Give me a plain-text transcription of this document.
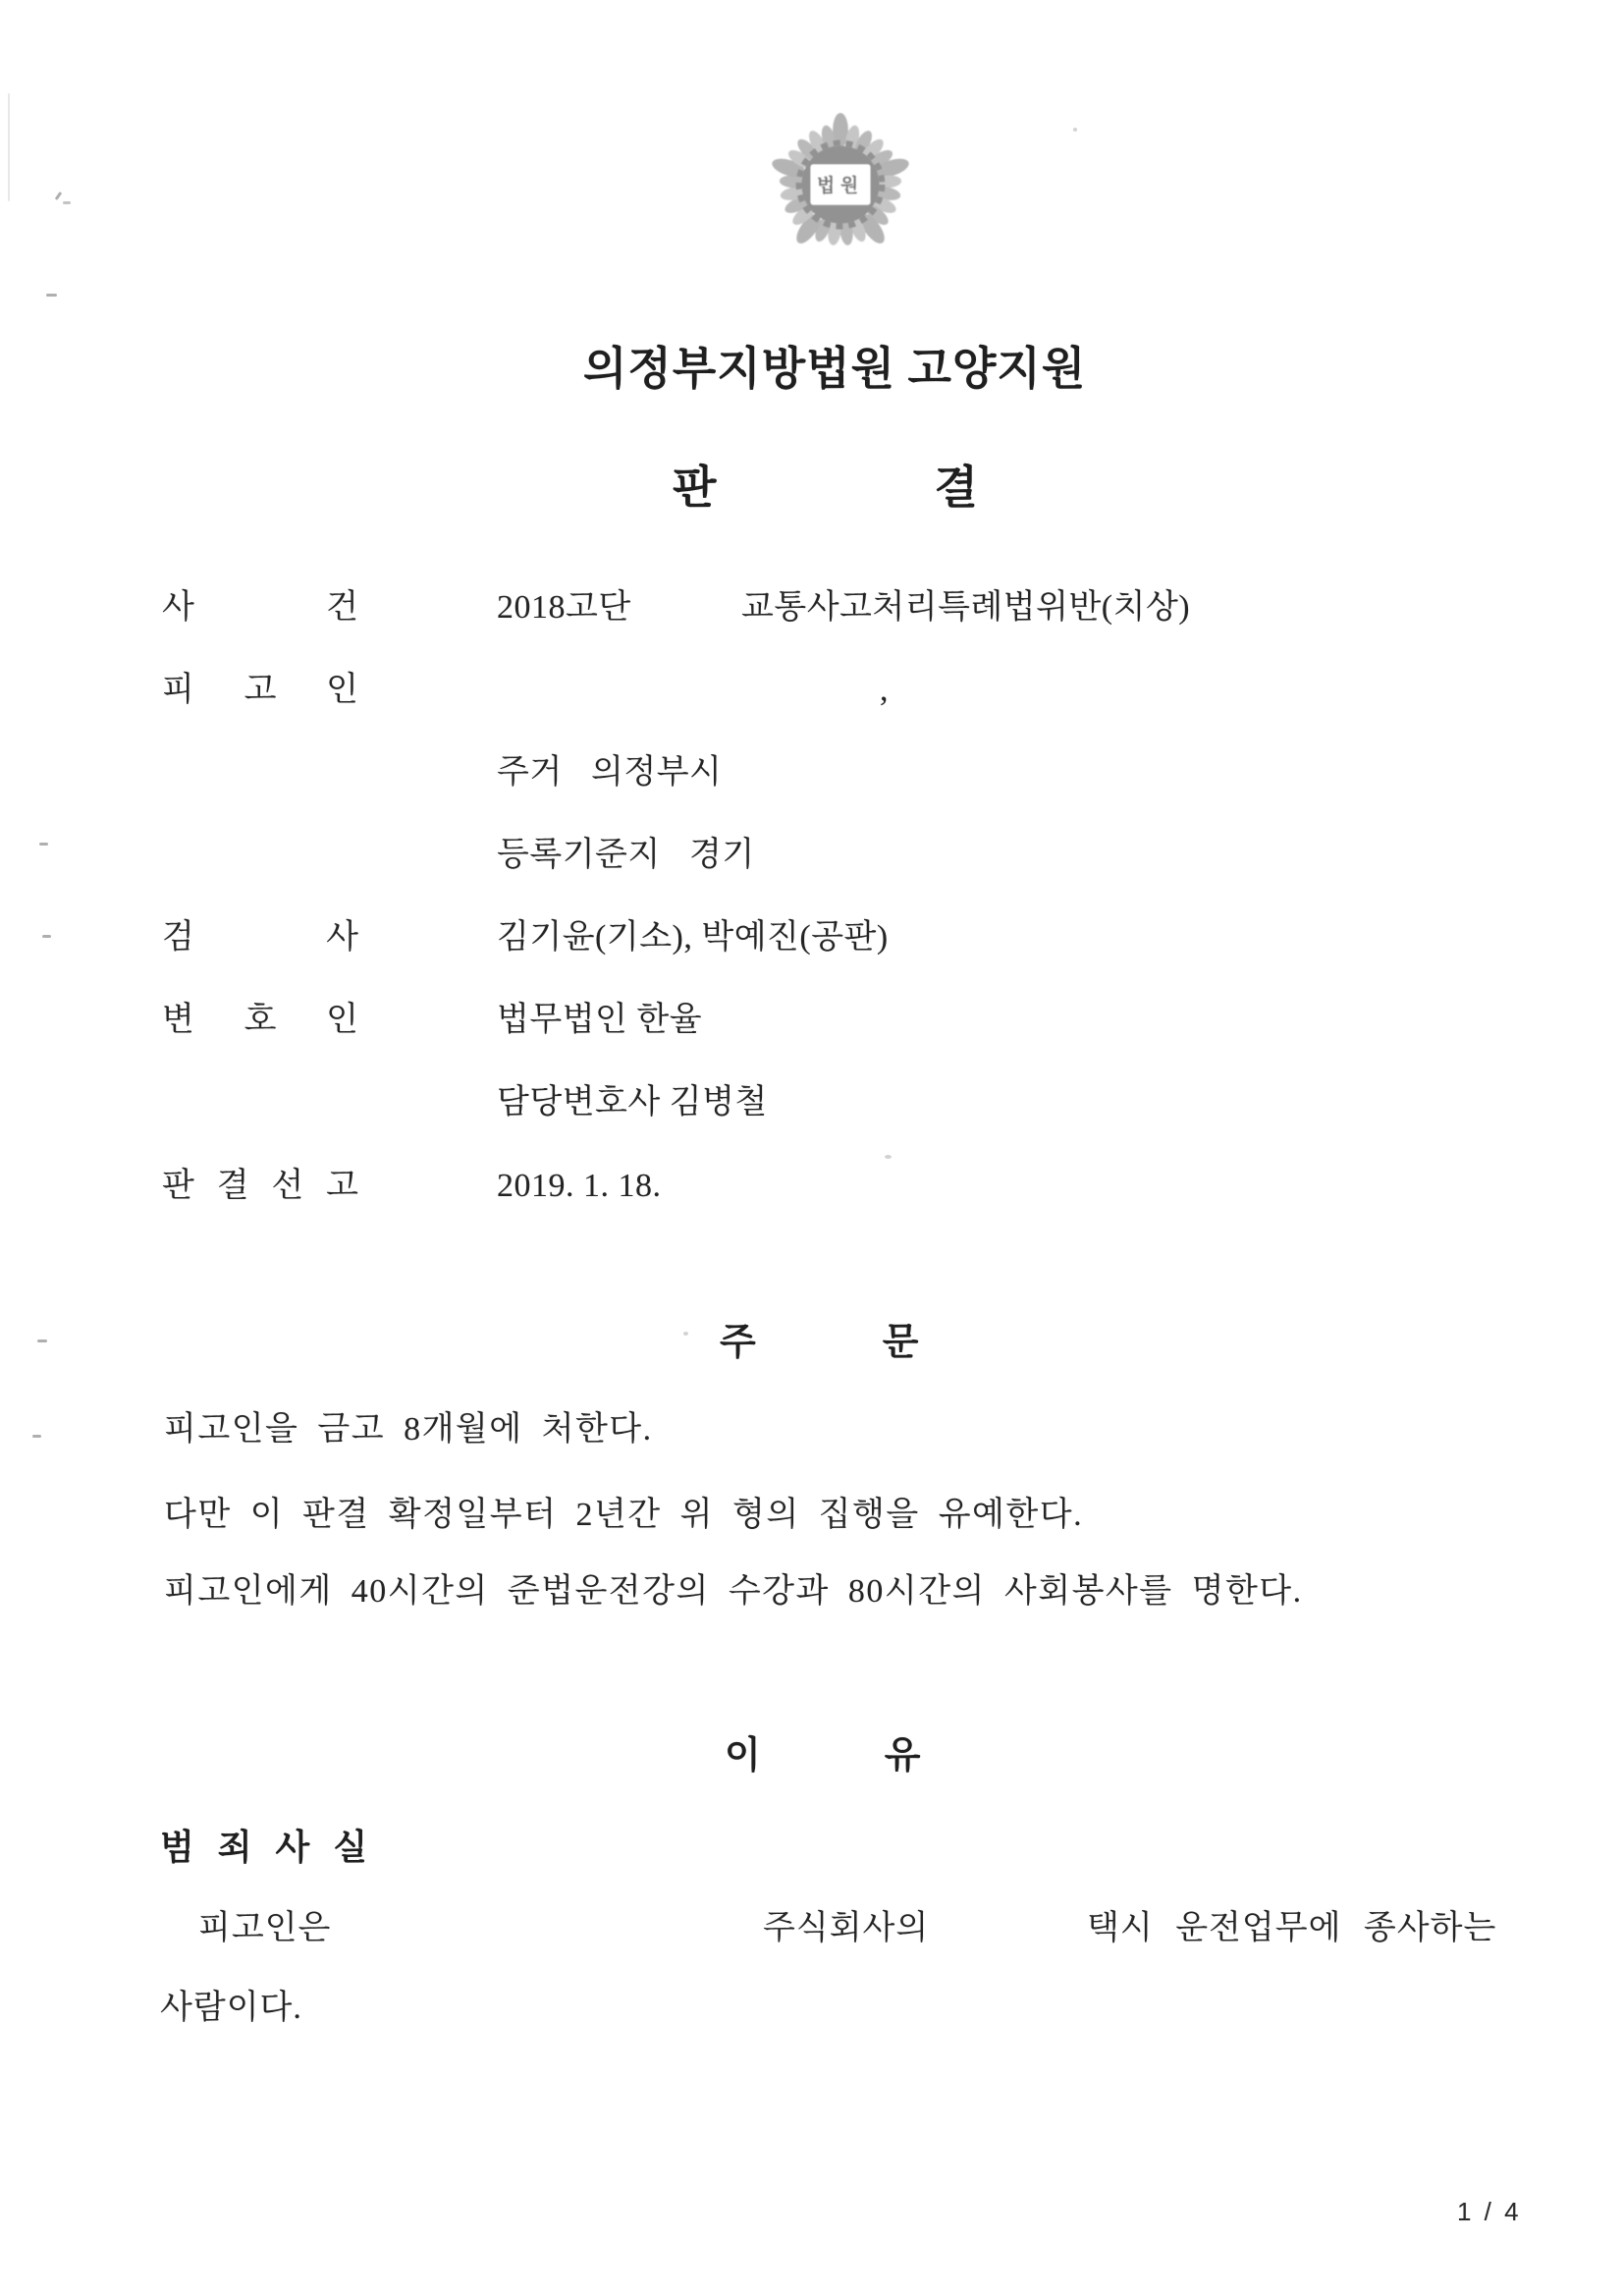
법원
의정부지방법원 고양지원
판	결
사 건	2018고단	교통사고처리특례법위반(치상)
피 고 인	,
주거 의정부시
등록기준지 경기
검 사	김기윤(기소), 박예진(공판)
변 호 인	법무법인 한율
담당변호사 김병철
판 결 선 고	2019. 1. 18.
주	문
피고인을 금고 8개월에 처한다.
다만 이 판결 확정일부터 2년간 위 형의 집행을 유예한다.
피고인에게 40시간의 준법운전강의 수강과 80시간의 사회봉사를 명한다.
이	유
범 죄 사 실
피고인은	주식회사의	택시 운전업무에 종사하는
사람이다.
1 / 4
